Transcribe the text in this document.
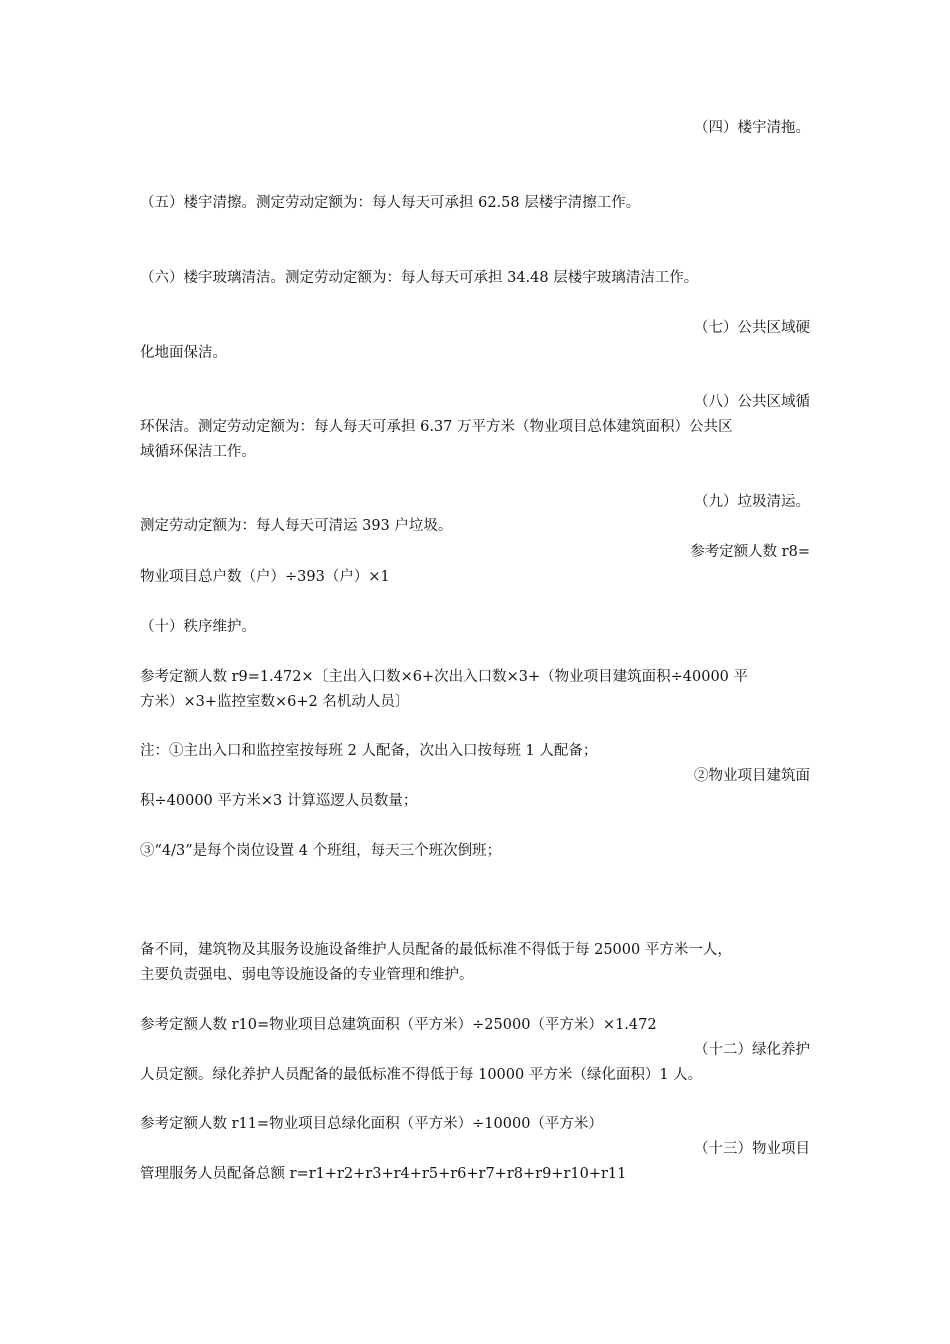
（四）楼宇清拖。
（五）楼宇清擦。测定劳动定额为：每人每天可承担 62.58 层楼宇清擦工作。
（六）楼宇玻璃清洁。测定劳动定额为：每人每天可承担 34.48 层楼宇玻璃清洁工作。
（七）公共区域硬
化地面保洁。
（八）公共区域循
环保洁。测定劳动定额为：每人每天可承担 6.37 万平方米（物业项目总体建筑面积）公共区
域循环保洁工作。
（九）垃圾清运。
测定劳动定额为：每人每天可清运 393 户垃圾。
参考定额人数 r8=
物业项目总户数（户）÷393（户）×1
（十）秩序维护。
参考定额人数 r9=1.472×〔主出入口数×6+次出入口数×3+（物业项目建筑面积÷40000 平
方米）×3+监控室数×6+2 名机动人员〕
注：①主出入口和监控室按每班 2 人配备，次出入口按每班 1 人配备；
②物业项目建筑面
积÷40000 平方米×3 计算巡逻人员数量；
③“4/3”是每个岗位设置 4 个班组，每天三个班次倒班；
备不同，建筑物及其服务设施设备维护人员配备的最低标准不得低于每 25000 平方米一人，
主要负责强电、弱电等设施设备的专业管理和维护。
参考定额人数 r10=物业项目总建筑面积（平方米）÷25000（平方米）×1.472
（十二）绿化养护
人员定额。绿化养护人员配备的最低标准不得低于每 10000 平方米（绿化面积）1 人。
参考定额人数 r11=物业项目总绿化面积（平方米）÷10000（平方米）
（十三）物业项目
管理服务人员配备总额 r=r1+r2+r3+r4+r5+r6+r7+r8+r9+r10+r11
